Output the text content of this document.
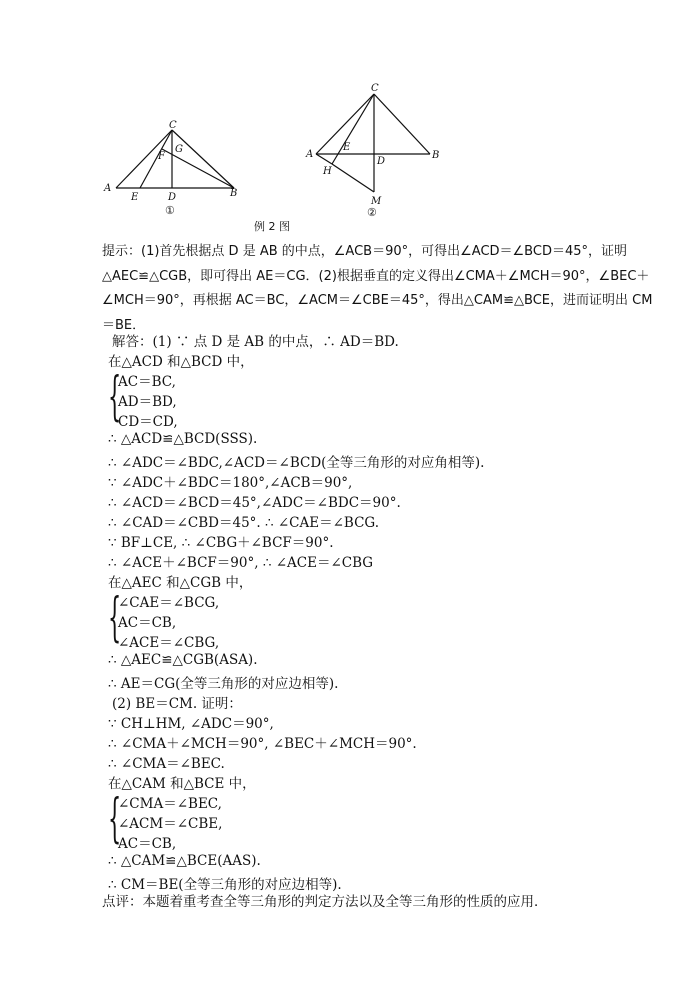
C
F
G
A	B
E	D
①
C
E
A	B
D
H
M
②
例 2 图
提示：(1)首先根据点 D 是 AB 的中点，∠ACB＝90°，可得出∠ACD＝∠BCD＝45°，证明△AEC≌△CGB，即可得出 AE＝CG．(2)根据垂直的定义得出∠CMA＋∠MCH＝90°，∠BEC＋∠MCH＝90°，再根据 AC＝BC，∠ACM＝∠CBE＝45°，得出△CAM≌△BCE，进而证明出 CM＝BE．
解答：(1) ∵ 点 D 是 AB 的中点，∴ AD＝BD.
在△ACD 和△BCD 中，
{
AC＝BC,
AD＝BD,
CD＝CD,
∴ △ACD≌△BCD(SSS).
∴ ∠ADC＝∠BDC,∠ACD＝∠BCD(全等三角形的对应角相等).
∵ ∠ADC＋∠BDC＝180°,∠ACB＝90°,
∴ ∠ACD＝∠BCD＝45°,∠ADC＝∠BDC＝90°.
∴ ∠CAD＝∠CBD＝45°. ∴ ∠CAE＝∠BCG.
∵ BF⊥CE, ∴ ∠CBG＋∠BCF＝90°.
∴ ∠ACE＋∠BCF＝90°, ∴ ∠ACE＝∠CBG
在△AEC 和△CGB 中，
{
∠CAE＝∠BCG,
AC＝CB,
∠ACE＝∠CBG,
∴ △AEC≌△CGB(ASA).
∴ AE＝CG(全等三角形的对应边相等).
(2) BE＝CM. 证明：
∵ CH⊥HM, ∠ADC＝90°,
∴ ∠CMA＋∠MCH＝90°, ∠BEC＋∠MCH＝90°.
∴ ∠CMA＝∠BEC.
在△CAM 和△BCE 中，
{
∠CMA＝∠BEC,
∠ACM＝∠CBE,
AC＝CB,
∴ △CAM≌△BCE(AAS).
∴ CM＝BE(全等三角形的对应边相等).
点评：本题着重考查全等三角形的判定方法以及全等三角形的性质的应用．
